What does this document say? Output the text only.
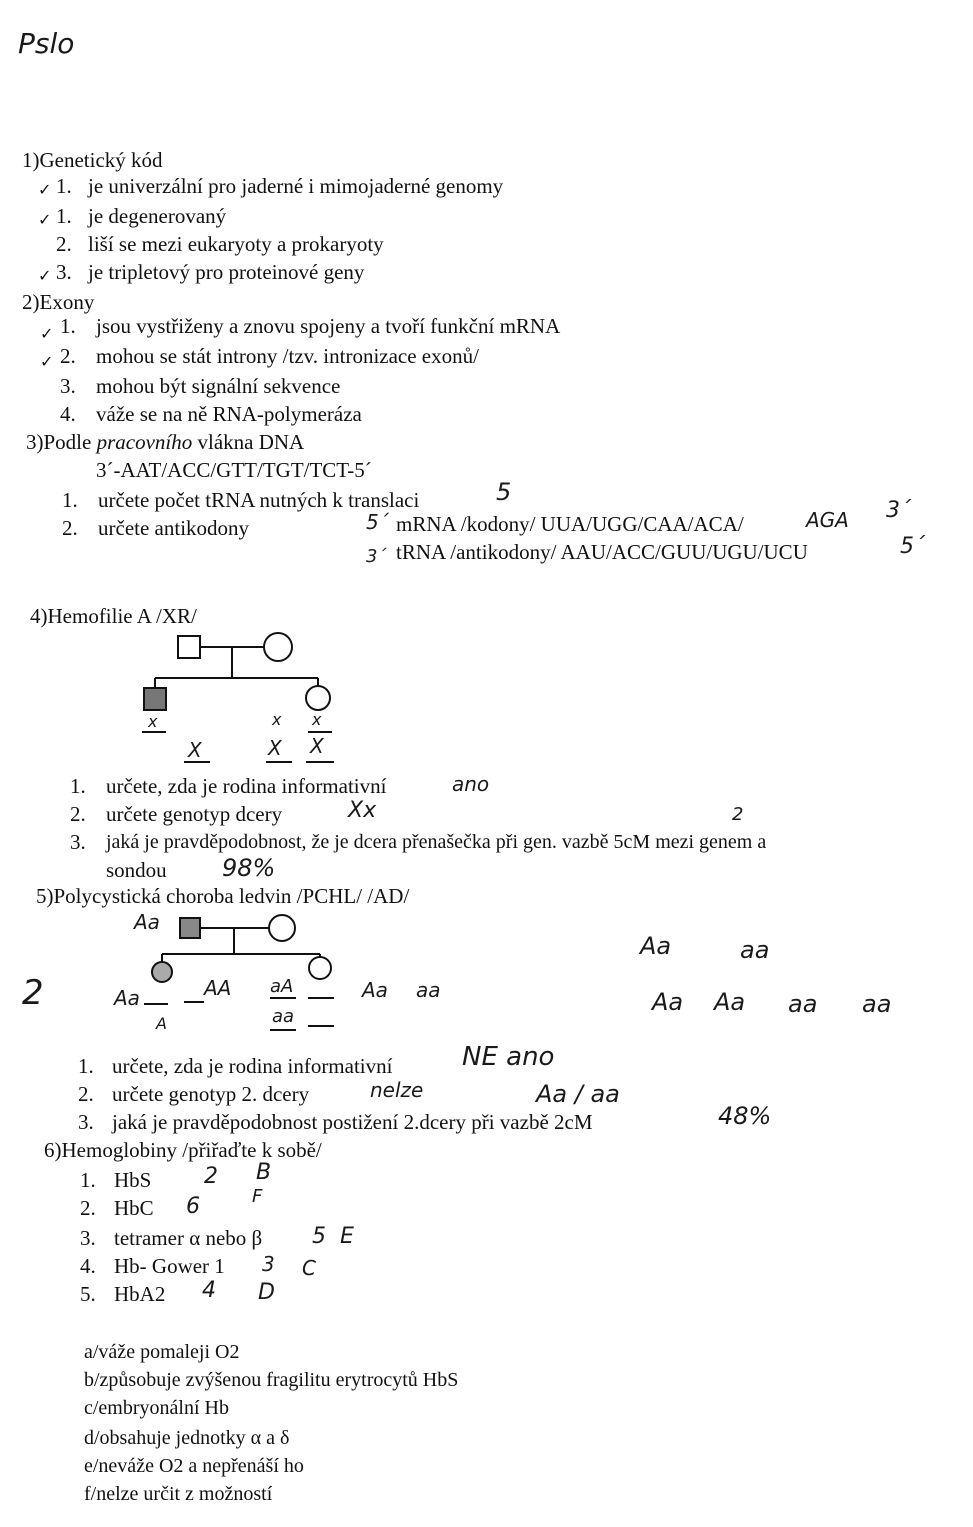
Pslo
1)Genetický kód
✓ 1. je univerzální pro jaderné i mimojaderné genomy
✓ 1. je degenerovaný
2. liší se mezi eukaryoty a prokaryoty
✓ 3. je tripletový pro proteinové geny
2)Exony
✓ 1. jsou vystřiženy a znovu spojeny a tvoří funkční mRNA
✓ 2. mohou se stát introny /tzv. intronizace exonů/
3. mohou být signální sekvence
4. váže se na ně RNA-polymeráza
3)Podle pracovního vlákna DNA
3´-AAT/ACC/GTT/TGT/TCT-5´
1. určete počet tRNA nutných k translaci	5
2. určete antikodony	5´ mRNA /kodony/ UUA/UGG/CAA/ACA/	AGA 3´
3´ tRNA /antikodony/ AAU/ACC/GUU/UGU/UCU	5´
4)Hemofilie A /XR/
x	x x
X	X X
1. určete, zda je rodina informativní	ano
2. určete genotyp dcery	Xx
3. jaká je pravděpodobnost, že je dcera přenašečka při gen. vazbě 5cM mezi genem a
2
sondou 98%
5)Polycystická choroba ledvin /PCHL/ /AD/
Aa
2	Aa
A
AA aA
aa
Aa aa
Aa	aa
Aa Aa aa aa
1. určete, zda je rodina informativní	NE ano
2. určete genotyp 2. dcery	nelze	Aa / aa
3. jaká je pravděpodobnost postižení 2.dcery při vazbě 2cM	48%
6)Hemoglobiny /přiřaďte k sobě/
1. HbS 2 B
2. HbC 6	F
3. tetramer α nebo β 5 E
4. Hb- Gower 1 3 C
5. HbA2 4 D
a/váže pomaleji O2
b/způsobuje zvýšenou fragilitu erytrocytů HbS
c/embryonální Hb
d/obsahuje jednotky α a δ
e/neváže O2 a nepřenáší ho
f/nelze určit z možností
